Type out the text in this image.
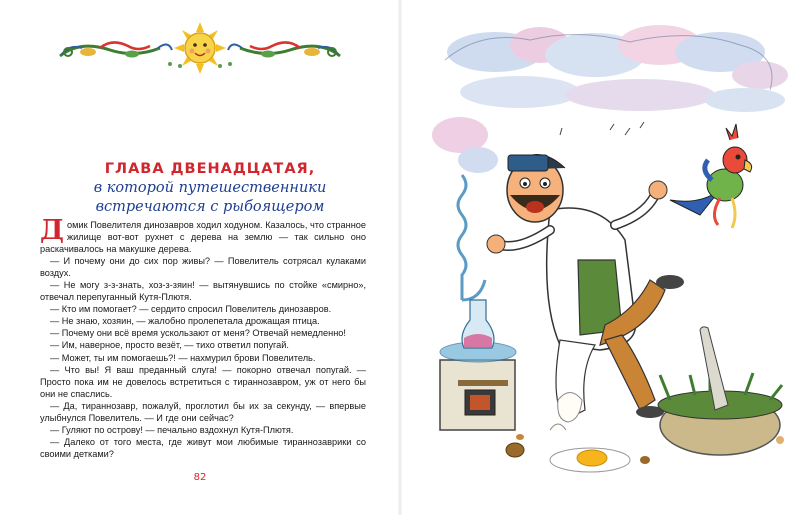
ГЛАВА ДВЕНАДЦАТАЯ,
в которой путешественники
встречаются с рыбоящером

Домик Повелителя динозавров ходил ходуном. Казалось, что странное жилище вот-вот рухнет с дерева на землю — так сильно оно раскачивалось на макушке дерева.

— И почему они до сих пор живы? — Повелитель сотрясал кулаками воздух.

— Не могу з-з-знать, хоз-з-зяин! — вытянувшись по стойке «смирно», отвечал перепуганный Кутя-Плютя.

— Кто им помогает? — сердито спросил Повелитель динозавров.

— Не знаю, хозяин, — жалобно пролепетала дрожащая птица.

— Почему они всё время ускользают от меня? Отвечай немедленно!

— Им, наверное, просто везёт, — тихо ответил попугай.

— Может, ты им помогаешь?! — нахмурил брови Повелитель.

— Что вы! Я ваш преданный слуга! — покорно отвечал попугай. — Просто пока им не довелось встретиться с тираннозавром, уж от него бы они не спаслись.

— Да, тираннозавр, пожалуй, проглотил бы их за секунду, — впервые улыбнулся Повелитель. — И где они сейчас?

— Гуляют по острову! — печально вздохнул Кутя-Плютя.

— Далеко от того места, где живут мои любимые тираннозаврики со своими детками?

82
